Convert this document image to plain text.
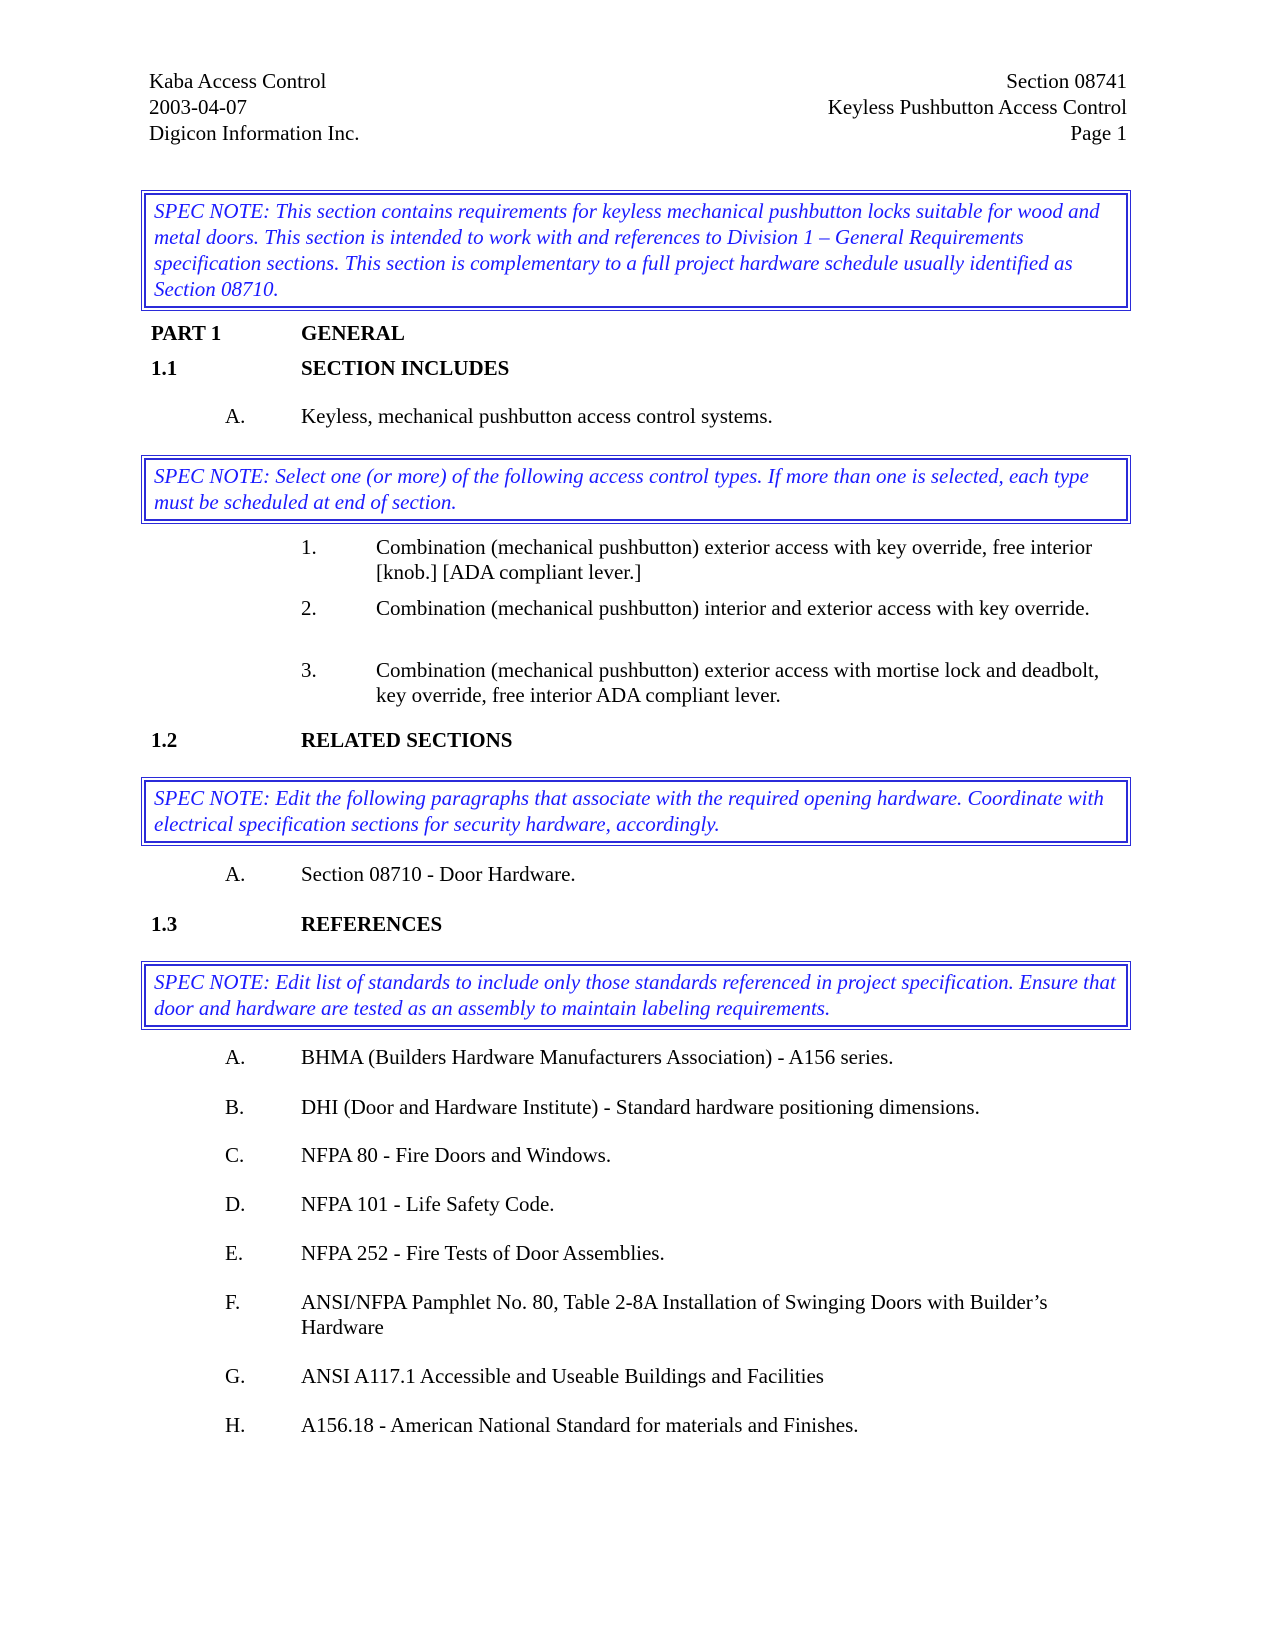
Kaba Access Control
2003-04-07
Digicon Information Inc.
Section 08741
Keyless Pushbutton Access Control
Page 1
SPEC NOTE: This section contains requirements for keyless mechanical pushbutton locks suitable for wood and metal doors. This section is intended to work with and references to Division 1 – General Requirements specification sections. This section is complementary to a full project hardware schedule usually identified as Section 08710.
PART 1	GENERAL
1.1	SECTION INCLUDES
A.	Keyless, mechanical pushbutton access control systems.
SPEC NOTE: Select one (or more) of the following access control types. If more than one is selected, each type must be scheduled at end of section.
1.	Combination (mechanical pushbutton) exterior access with key override, free interior [knob.] [ADA compliant lever.]
2.	Combination (mechanical pushbutton) interior and exterior access with key override.
3.	Combination (mechanical pushbutton) exterior access with mortise lock and deadbolt, key override, free interior ADA compliant lever.
1.2	RELATED SECTIONS
SPEC NOTE: Edit the following paragraphs that associate with the required opening hardware. Coordinate with electrical specification sections for security hardware, accordingly.
A.	Section 08710 - Door Hardware.
1.3	REFERENCES
SPEC NOTE: Edit list of standards to include only those standards referenced in project specification. Ensure that door and hardware are tested as an assembly to maintain labeling requirements.
A.	BHMA (Builders Hardware Manufacturers Association) - A156 series.
B.	DHI (Door and Hardware Institute) - Standard hardware positioning dimensions.
C.	NFPA 80 - Fire Doors and Windows.
D.	NFPA 101 - Life Safety Code.
E.	NFPA 252 - Fire Tests of Door Assemblies.
F.	ANSI/NFPA Pamphlet No. 80, Table 2-8A Installation of Swinging Doors with Builder’s Hardware
G.	ANSI A117.1 Accessible and Useable Buildings and Facilities
H.	A156.18 - American National Standard for materials and Finishes.
